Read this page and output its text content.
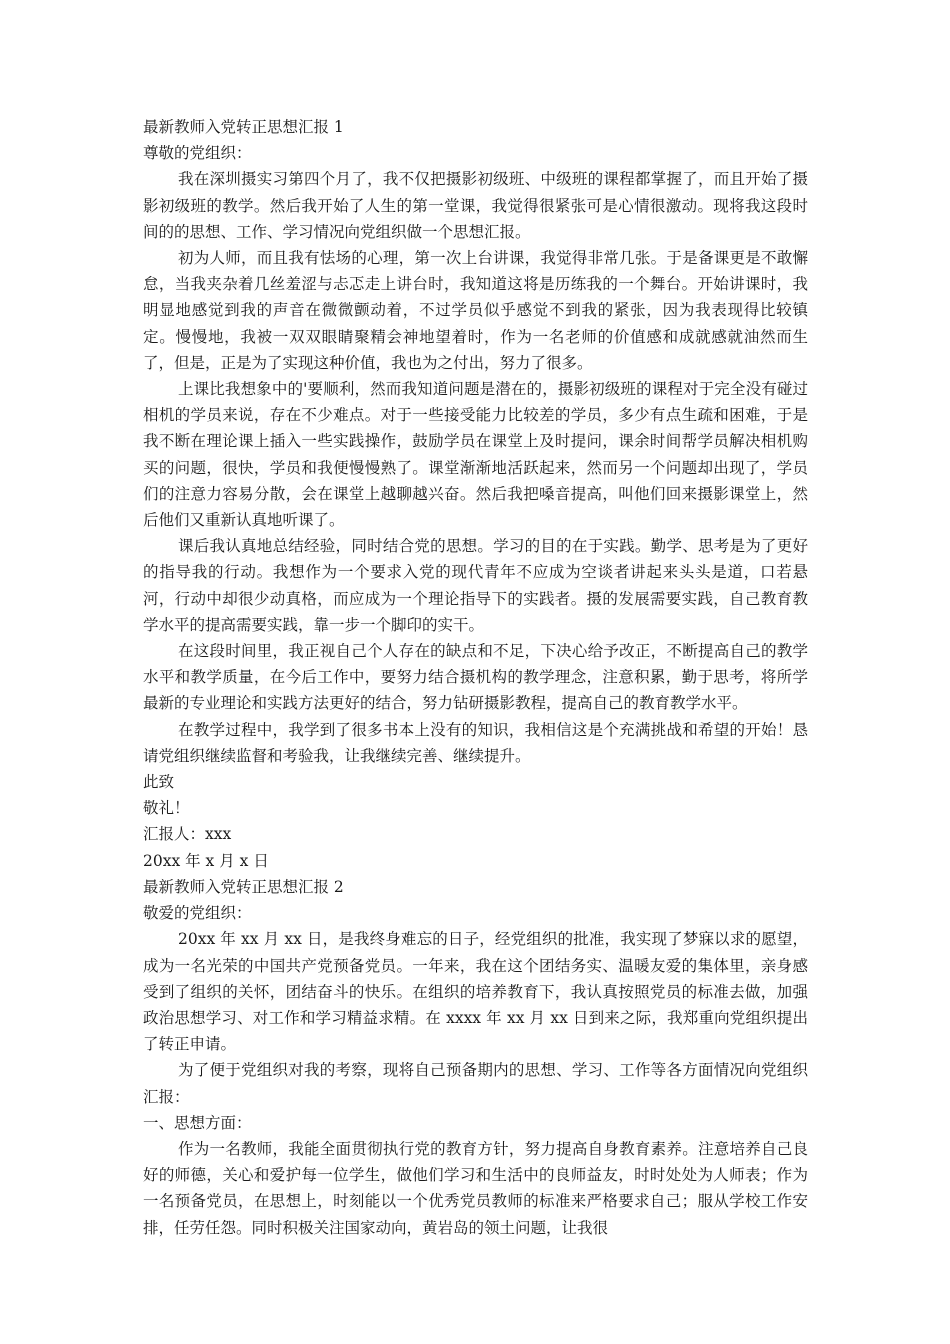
最新教师入党转正思想汇报 1

尊敬的党组织：

我在深圳摄实习第四个月了，我不仅把摄影初级班、中级班的课程都掌握了，而且开始了摄影初级班的教学。然后我开始了人生的第一堂课，我觉得很紧张可是心情很激动。现将我这段时间的的思想、工作、学习情况向党组织做一个思想汇报。

初为人师，而且我有怯场的心理，第一次上台讲课，我觉得非常几张。于是备课更是不敢懈怠，当我夹杂着几丝羞涩与忐忑走上讲台时，我知道这将是历练我的一个舞台。开始讲课时，我明显地感觉到我的声音在微微颤动着，不过学员似乎感觉不到我的紧张，因为我表现得比较镇定。慢慢地，我被一双双眼睛聚精会神地望着时，作为一名老师的价值感和成就感就油然而生了，但是，正是为了实现这种价值，我也为之付出，努力了很多。

上课比我想象中的'要顺利，然而我知道问题是潜在的，摄影初级班的课程对于完全没有碰过相机的学员来说，存在不少难点。对于一些接受能力比较差的学员，多少有点生疏和困难，于是我不断在理论课上插入一些实践操作，鼓励学员在课堂上及时提问，课余时间帮学员解决相机购买的问题，很快，学员和我便慢慢熟了。课堂渐渐地活跃起来，然而另一个问题却出现了，学员们的注意力容易分散，会在课堂上越聊越兴奋。然后我把嗓音提高，叫他们回来摄影课堂上，然后他们又重新认真地听课了。

课后我认真地总结经验，同时结合党的思想。学习的目的在于实践。勤学、思考是为了更好的指导我的行动。我想作为一个要求入党的现代青年不应成为空谈者讲起来头头是道，口若悬河，行动中却很少动真格，而应成为一个理论指导下的实践者。摄的发展需要实践，自己教育教学水平的提高需要实践，靠一步一个脚印的实干。

在这段时间里，我正视自己个人存在的缺点和不足，下决心给予改正，不断提高自己的教学水平和教学质量，在今后工作中，要努力结合摄机构的教学理念，注意积累，勤于思考，将所学最新的专业理论和实践方法更好的结合，努力钻研摄影教程，提高自己的教育教学水平。

在教学过程中，我学到了很多书本上没有的知识，我相信这是个充满挑战和希望的开始！恳请党组织继续监督和考验我，让我继续完善、继续提升。

此致

敬礼！

汇报人：xxx

20xx 年 x 月 x 日

最新教师入党转正思想汇报 2

敬爱的党组织：

20xx 年 xx 月 xx 日，是我终身难忘的日子，经党组织的批准，我实现了梦寐以求的愿望，成为一名光荣的中国共产党预备党员。一年来，我在这个团结务实、温暖友爱的集体里，亲身感受到了组织的关怀，团结奋斗的快乐。在组织的培养教育下，我认真按照党员的标准去做，加强政治思想学习、对工作和学习精益求精。在 xxxx 年 xx 月 xx 日到来之际，我郑重向党组织提出了转正申请。

为了便于党组织对我的考察，现将自己预备期内的思想、学习、工作等各方面情况向党组织汇报：

一、思想方面：

作为一名教师，我能全面贯彻执行党的教育方针，努力提高自身教育素养。注意培养自己良好的师德，关心和爱护每一位学生，做他们学习和生活中的良师益友，时时处处为人师表；作为一名预备党员，在思想上，时刻能以一个优秀党员教师的标准来严格要求自己；服从学校工作安排，任劳任怨。同时积极关注国家动向，黄岩岛的领土问题，让我很
